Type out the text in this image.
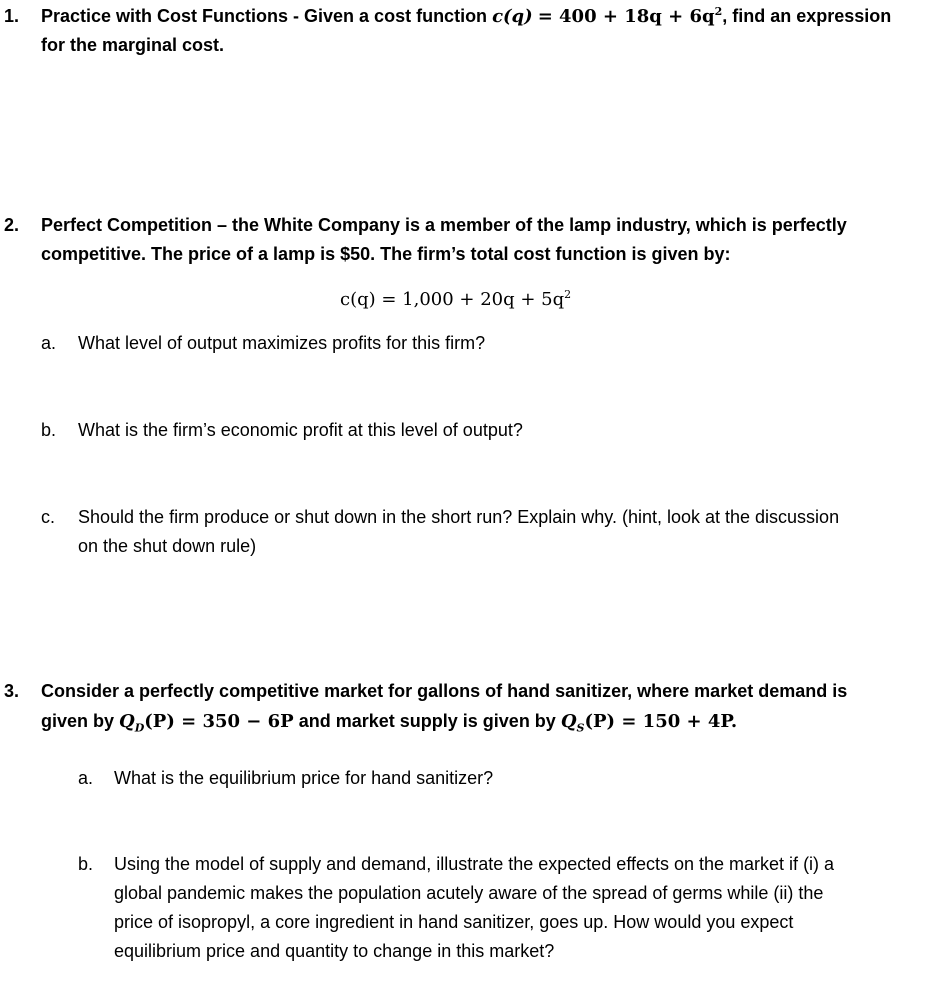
1. Practice with Cost Functions - Given a cost function $c(q) = 400 + 18q + 6q^2$, find an expression
for the marginal cost.
2. Perfect Competition – the White Company is a member of the lamp industry, which is perfectly
competitive. The price of a lamp is $50. The firm’s total cost function is given by:
$c(q) = 1,000 + 20q + 5q^2$
a. What level of output maximizes profits for this firm?
b. What is the firm’s economic profit at this level of output?
c. Should the firm produce or shut down in the short run? Explain why. (hint, look at the discussion
on the shut down rule)
3. Consider a perfectly competitive market for gallons of hand sanitizer, where market demand is
given by $Q_D(P) = 350 - 6P$ and market supply is given by $Q_S(P) = 150 + 4P$.
a. What is the equilibrium price for hand sanitizer?
b. Using the model of supply and demand, illustrate the expected effects on the market if (i) a
global pandemic makes the population acutely aware of the spread of germs while (ii) the
price of isopropyl, a core ingredient in hand sanitizer, goes up. How would you expect
equilibrium price and quantity to change in this market?
